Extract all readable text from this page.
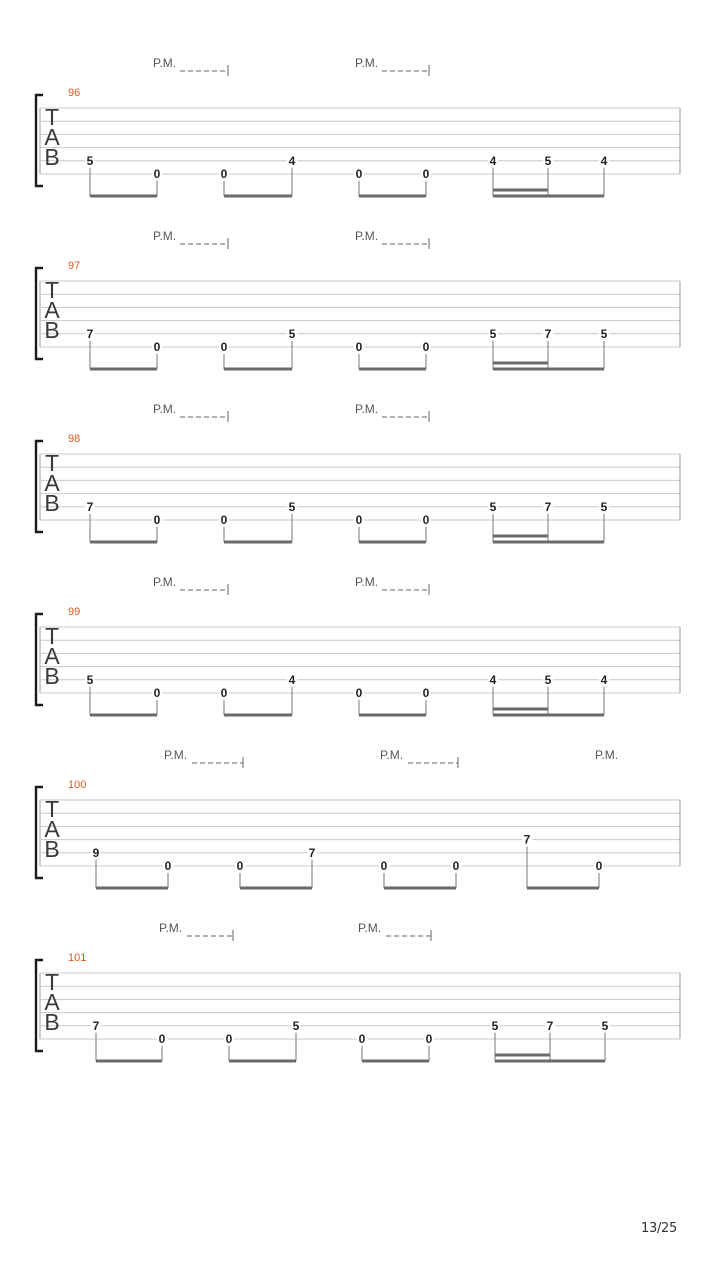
P.M.	P.M.
96
T
A
B 5
0	0
4
0	0
4	5	4
P.M.	P.M.
97
T
A
B 7
0	0
5
0	0
5	7	5
P.M.	P.M.
98
T
A
B 7
0	0
5
0	0
5	7	5
P.M.	P.M.
99
T
A
B 5
0	0
4
0	0
4	5	4
P.M.	P.M.	P.M.
100
T
A
B	9
0	0
7
0	0
7
0
P.M.	P.M.
101
T
A
B	7
0	0
5
0	0
5	7	5
13/25
